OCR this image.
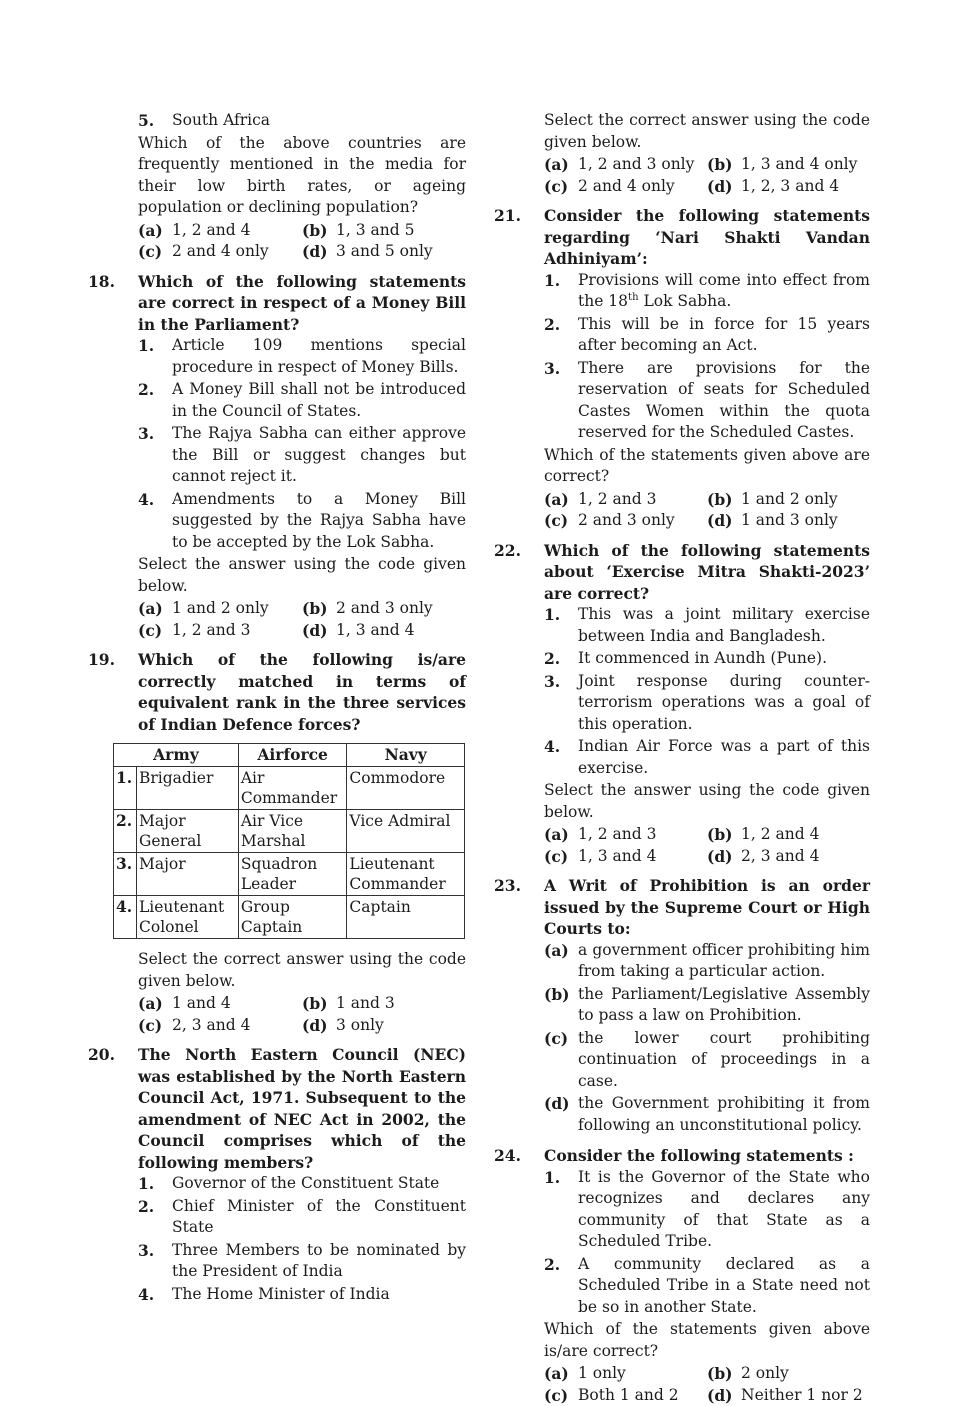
5.	South Africa
Which of the above countries are frequently mentioned in the media for their low birth rates, or ageing population or declining population?
(a) 1, 2 and 4	(b) 1, 3 and 5
(c) 2 and 4 only (d) 3 and 5 only
18.	Which of the following statements are correct in respect of a Money Bill in the Parliament?
1.	Article 109 mentions special procedure in respect of Money Bills.
2.	A Money Bill shall not be introduced in the Council of States.
3.	The Rajya Sabha can either approve the Bill or suggest changes but cannot reject it.
4.	Amendments to a Money Bill suggested by the Rajya Sabha have to be accepted by the Lok Sabha.
Select the answer using the code given below.
(a) 1 and 2 only (b) 2 and 3 only
(c) 1, 2 and 3	(d) 1, 3 and 4
19.	Which of the following is/are correctly matched in terms of equivalent rank in the three services of Indian Defence forces?
Army		Airforce	Navy
1.	Brigadier	Air Commander	Commodore
2.	Major General	Air Vice Marshal	Vice Admiral
3.	Major	Squadron Leader	Lieutenant Commander
4.	Lieutenant Colonel	Group Captain	Captain
Select the correct answer using the code given below.
(a) 1 and 4	(b) 1 and 3
(c) 2, 3 and 4	(d) 3 only
20.	The North Eastern Council (NEC) was established by the North Eastern Council Act, 1971. Subsequent to the amendment of NEC Act in 2002, the Council comprises which of the following members?
1.	Governor of the Constituent State
2.	Chief Minister of the Constituent State
3.	Three Members to be nominated by the President of India
4.	The Home Minister of India
Select the correct answer using the code given below.
(a) 1, 2 and 3 only (b) 1, 3 and 4 only
(c) 2 and 4 only (d) 1, 2, 3 and 4
21.	Consider the following statements regarding ‘Nari Shakti Vandan Adhiniyam’:
1.	Provisions will come into effect from the 18th Lok Sabha.
2.	This will be in force for 15 years after becoming an Act.
3.	There are provisions for the reservation of seats for Scheduled Castes Women within the quota reserved for the Scheduled Castes.
Which of the statements given above are correct?
(a) 1, 2 and 3	(b) 1 and 2 only
(c) 2 and 3 only (d) 1 and 3 only
22.	Which of the following statements about ‘Exercise Mitra Shakti-2023’ are correct?
1.	This was a joint military exercise between India and Bangladesh.
2.	It commenced in Aundh (Pune).
3.	Joint response during counter-terrorism operations was a goal of this operation.
4.	Indian Air Force was a part of this exercise.
Select the answer using the code given below.
(a) 1, 2 and 3	(b) 1, 2 and 4
(c) 1, 3 and 4	(d) 2, 3 and 4
23.	A Writ of Prohibition is an order issued by the Supreme Court or High Courts to:
(a) a government officer prohibiting him from taking a particular action.
(b) the Parliament/Legislative Assembly to pass a law on Prohibition.
(c) the lower court prohibiting continuation of proceedings in a case.
(d) the Government prohibiting it from following an unconstitutional policy.
24.	Consider the following statements :
1.	It is the Governor of the State who recognizes and declares any community of that State as a Scheduled Tribe.
2.	A community declared as a Scheduled Tribe in a State need not be so in another State.
Which of the statements given above is/are correct?
(a) 1 only	(b) 2 only
(c) Both 1 and 2 (d) Neither 1 nor 2
